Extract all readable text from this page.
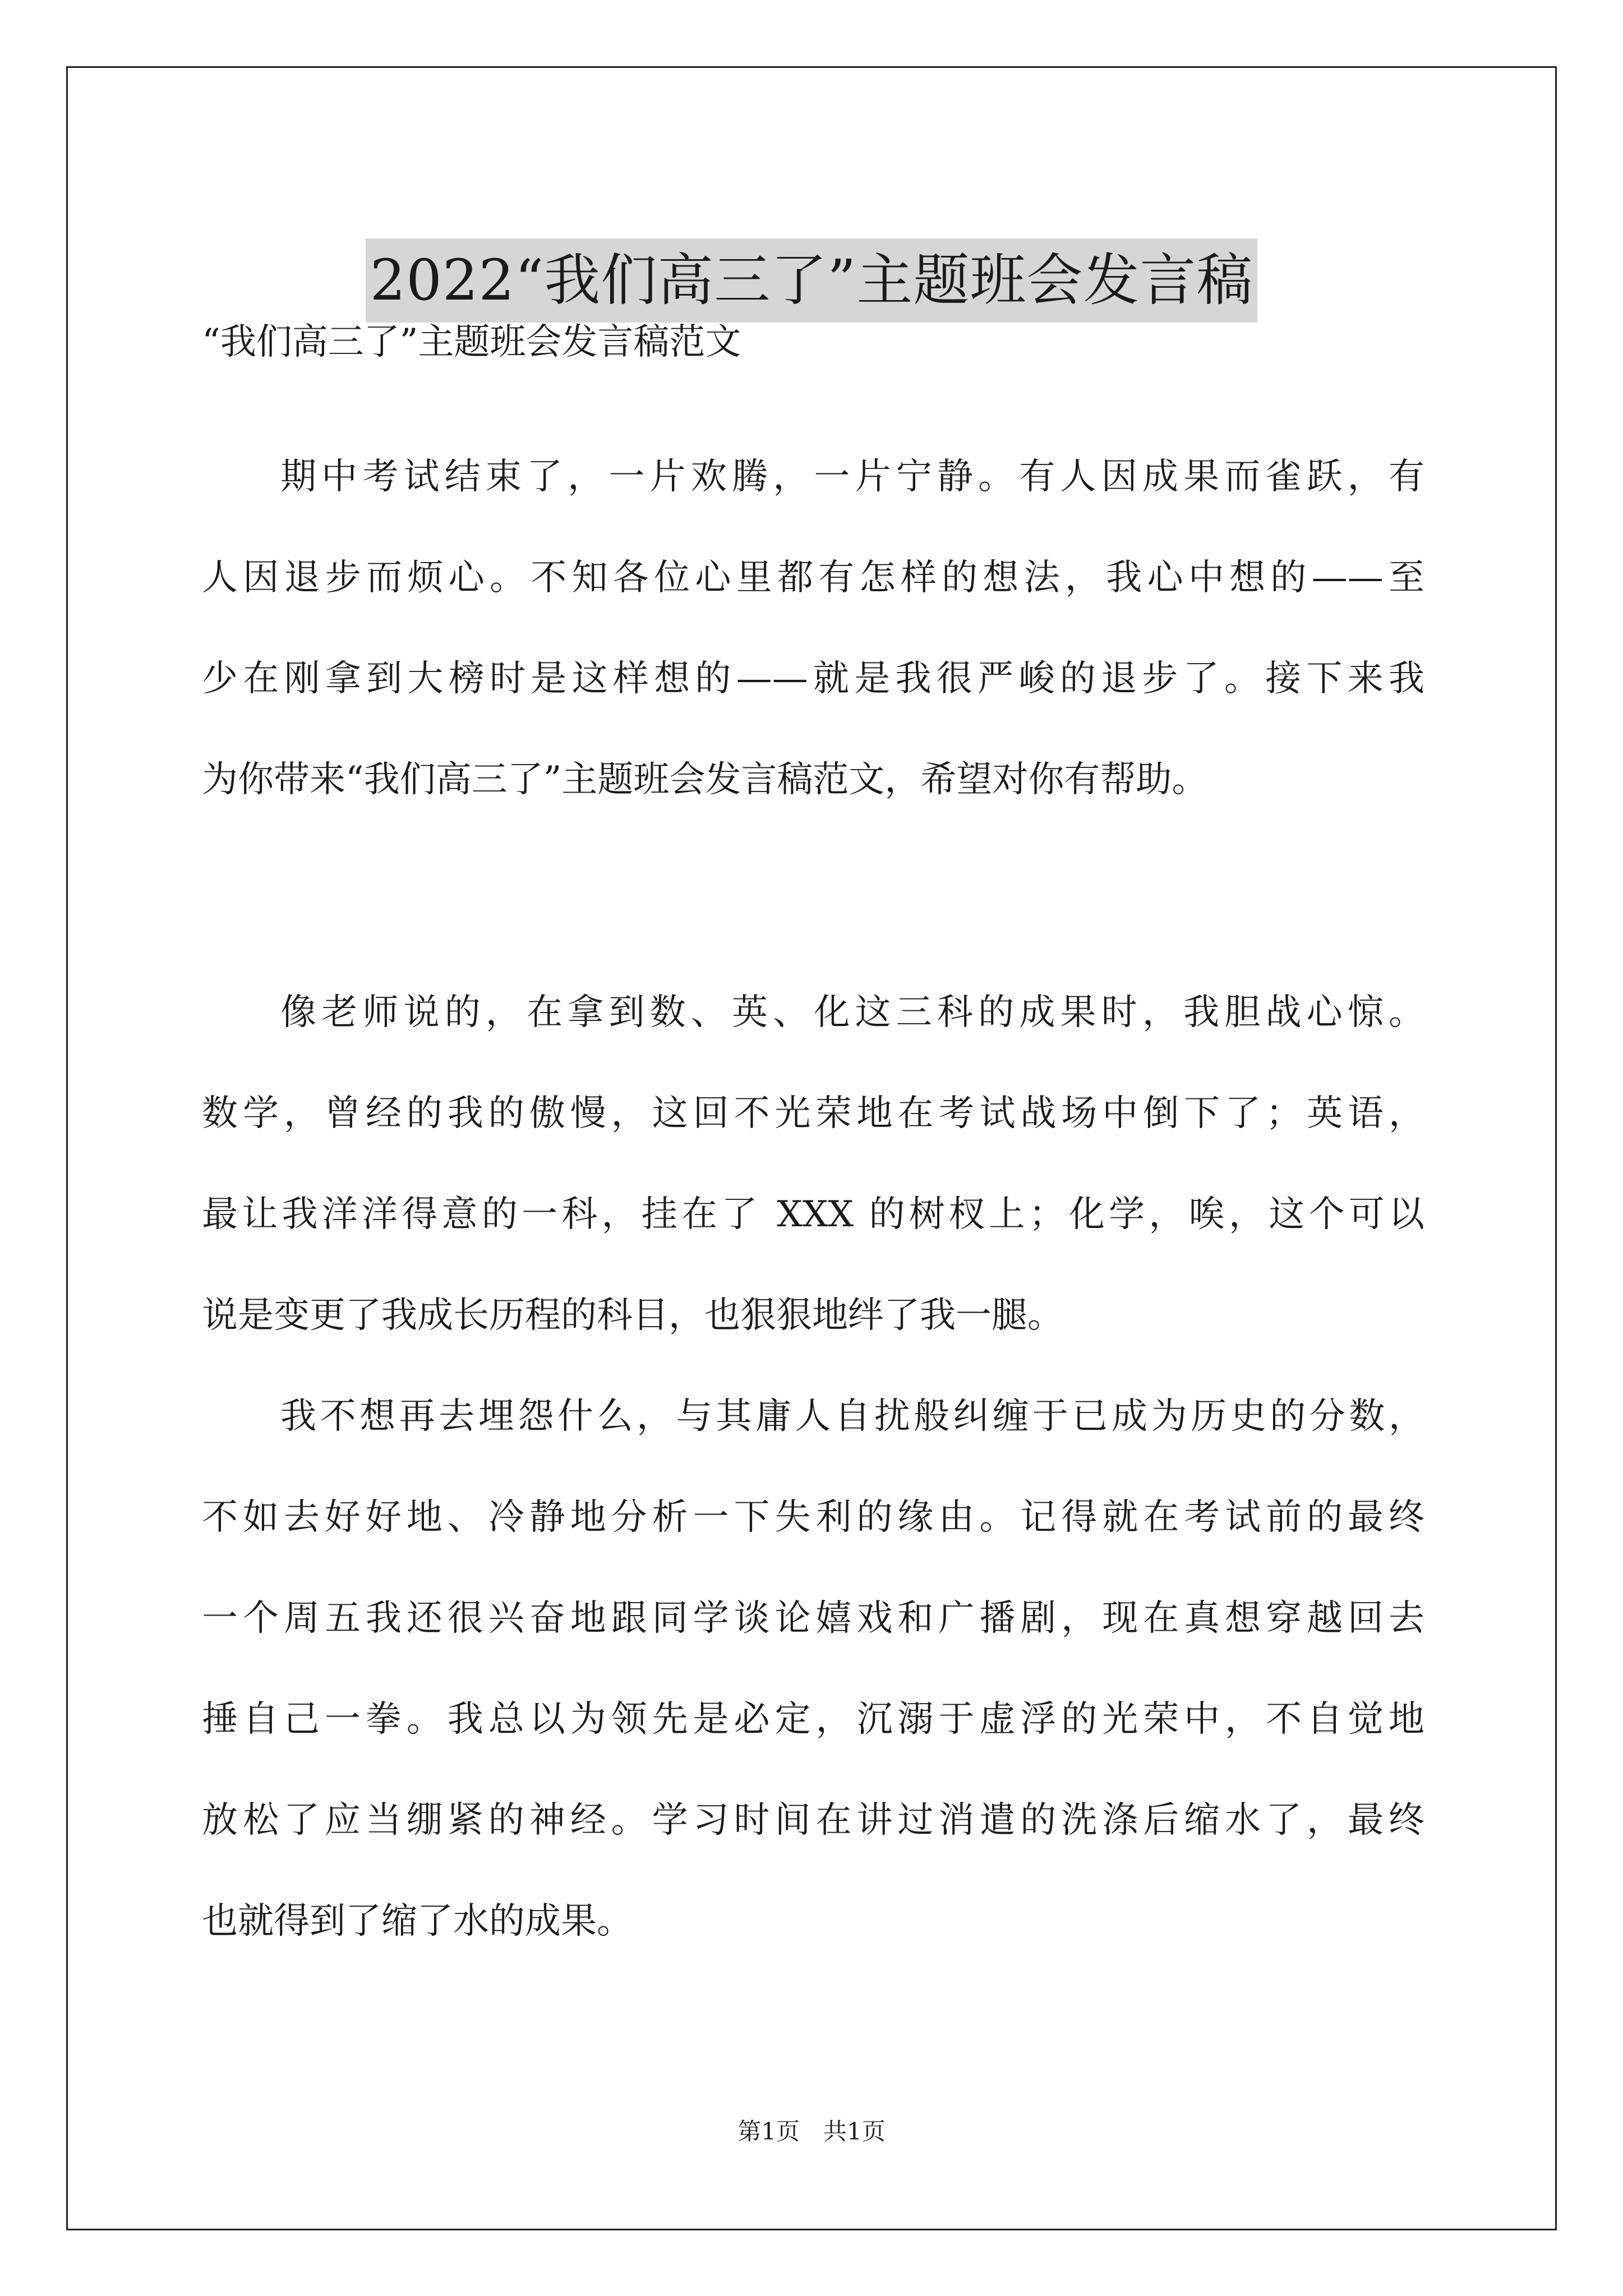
2022“我们高三了”主题班会发言稿
“我们高三了”主题班会发言稿范文
期中考试结束了，一片欢腾，一片宁静。有人因成果而雀跃，有
人因退步而烦心。不知各位心里都有怎样的想法，我心中想的——至
少在刚拿到大榜时是这样想的——就是我很严峻的退步了。接下来我
为你带来“我们高三了”主题班会发言稿范文，希望对你有帮助。
像老师说的，在拿到数、英、化这三科的成果时，我胆战心惊。
数学，曾经的我的傲慢，这回不光荣地在考试战场中倒下了；英语，
最让我洋洋得意的一科，挂在了 XXX 的树杈上；化学，唉，这个可以
说是变更了我成长历程的科目，也狠狠地绊了我一腿。
我不想再去埋怨什么，与其庸人自扰般纠缠于已成为历史的分数，
不如去好好地、冷静地分析一下失利的缘由。记得就在考试前的最终
一个周五我还很兴奋地跟同学谈论嬉戏和广播剧，现在真想穿越回去
捶自己一拳。我总以为领先是必定，沉溺于虚浮的光荣中，不自觉地
放松了应当绷紧的神经。学习时间在讲过消遣的洗涤后缩水了，最终
也就得到了缩了水的成果。
第1页　共1页
